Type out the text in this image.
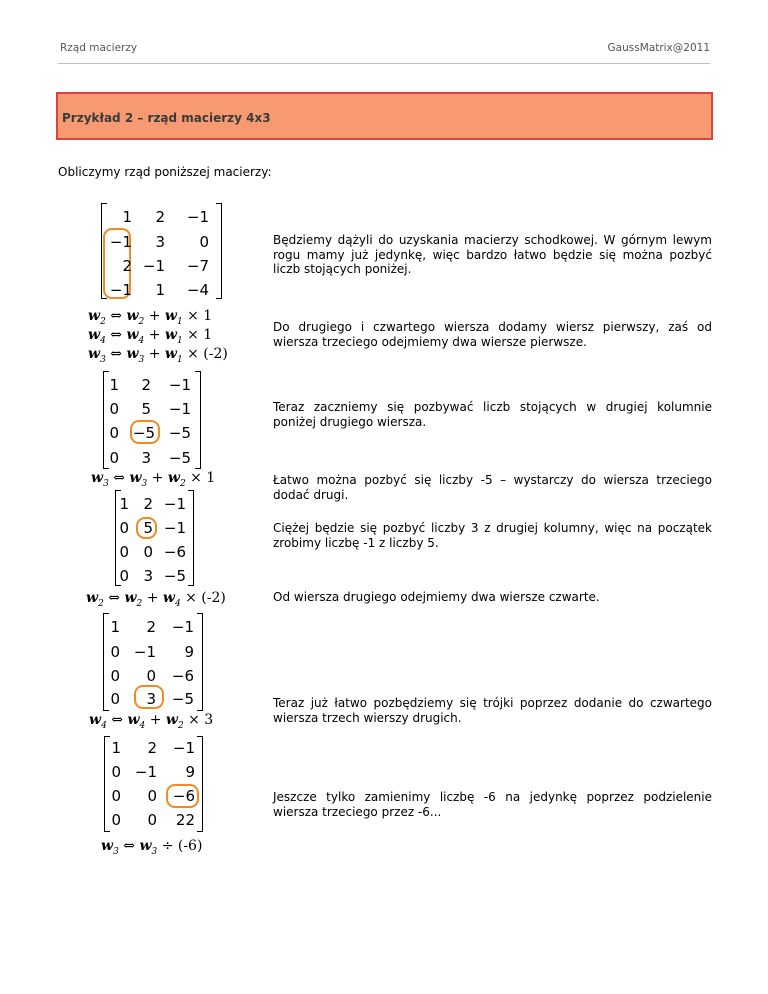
Rząd macierzy	GaussMatrix@2011
Przykład 2 – rząd macierzy 4x3
Obliczymy rząd poniższej macierzy:
Będziemy dążyli do uzyskania macierzy schodkowej. W górnym lewym rogu mamy już jedynkę, więc bardzo łatwo będzie się można pozbyć liczb stojących poniżej.
Do drugiego i czwartego wiersza dodamy wiersz pierwszy, zaś od wiersza trzeciego odejmiemy dwa wiersze pierwsze.
Teraz zaczniemy się pozbywać liczb stojących w drugiej kolumnie poniżej drugiego wiersza.
Łatwo można pozbyć się liczby -5 – wystarczy do wiersza trzeciego dodać drugi.
Ciężej będzie się pozbyć liczby 3 z drugiej kolumny, więc na początek zrobimy liczbę -1 z liczby 5.
Od wiersza drugiego odejmiemy dwa wiersze czwarte.
Teraz już łatwo pozbędziemy się trójki poprzez dodanie do czwartego wiersza trzech wierszy drugich.
Jeszcze tylko zamienimy liczbę -6 na jedynkę poprzez podzielenie wiersza trzeciego przez -6...
1 2 −1
−1 3 0
2 −1 −7
−1 1 −4
$w_2$ ⇔ $w_2 + w_1 \times 1$
$w_4$ ⇔ $w_4 + w_1 \times 1$
$w_3$ ⇔ $w_3 + w_1 \times (-2)$
1 2 −1
0 5 −1
0 −5 −5
0 3 −5
$w_3$ ⇔ $w_3 + w_2 \times 1$
1 2 −1
0 5 −1
0 0 −6
0 3 −5
$w_2$ ⇔ $w_2 + w_4 \times (-2)$
1 2 −1
0 −1 9
0 0 −6
0 3 −5
$w_4$ ⇔ $w_4 + w_2 \times 3$
1 2 −1
0 −1 9
0 0 −6
0 0 22
$w_3$ ⇔ $w_3 \div (-6)$
